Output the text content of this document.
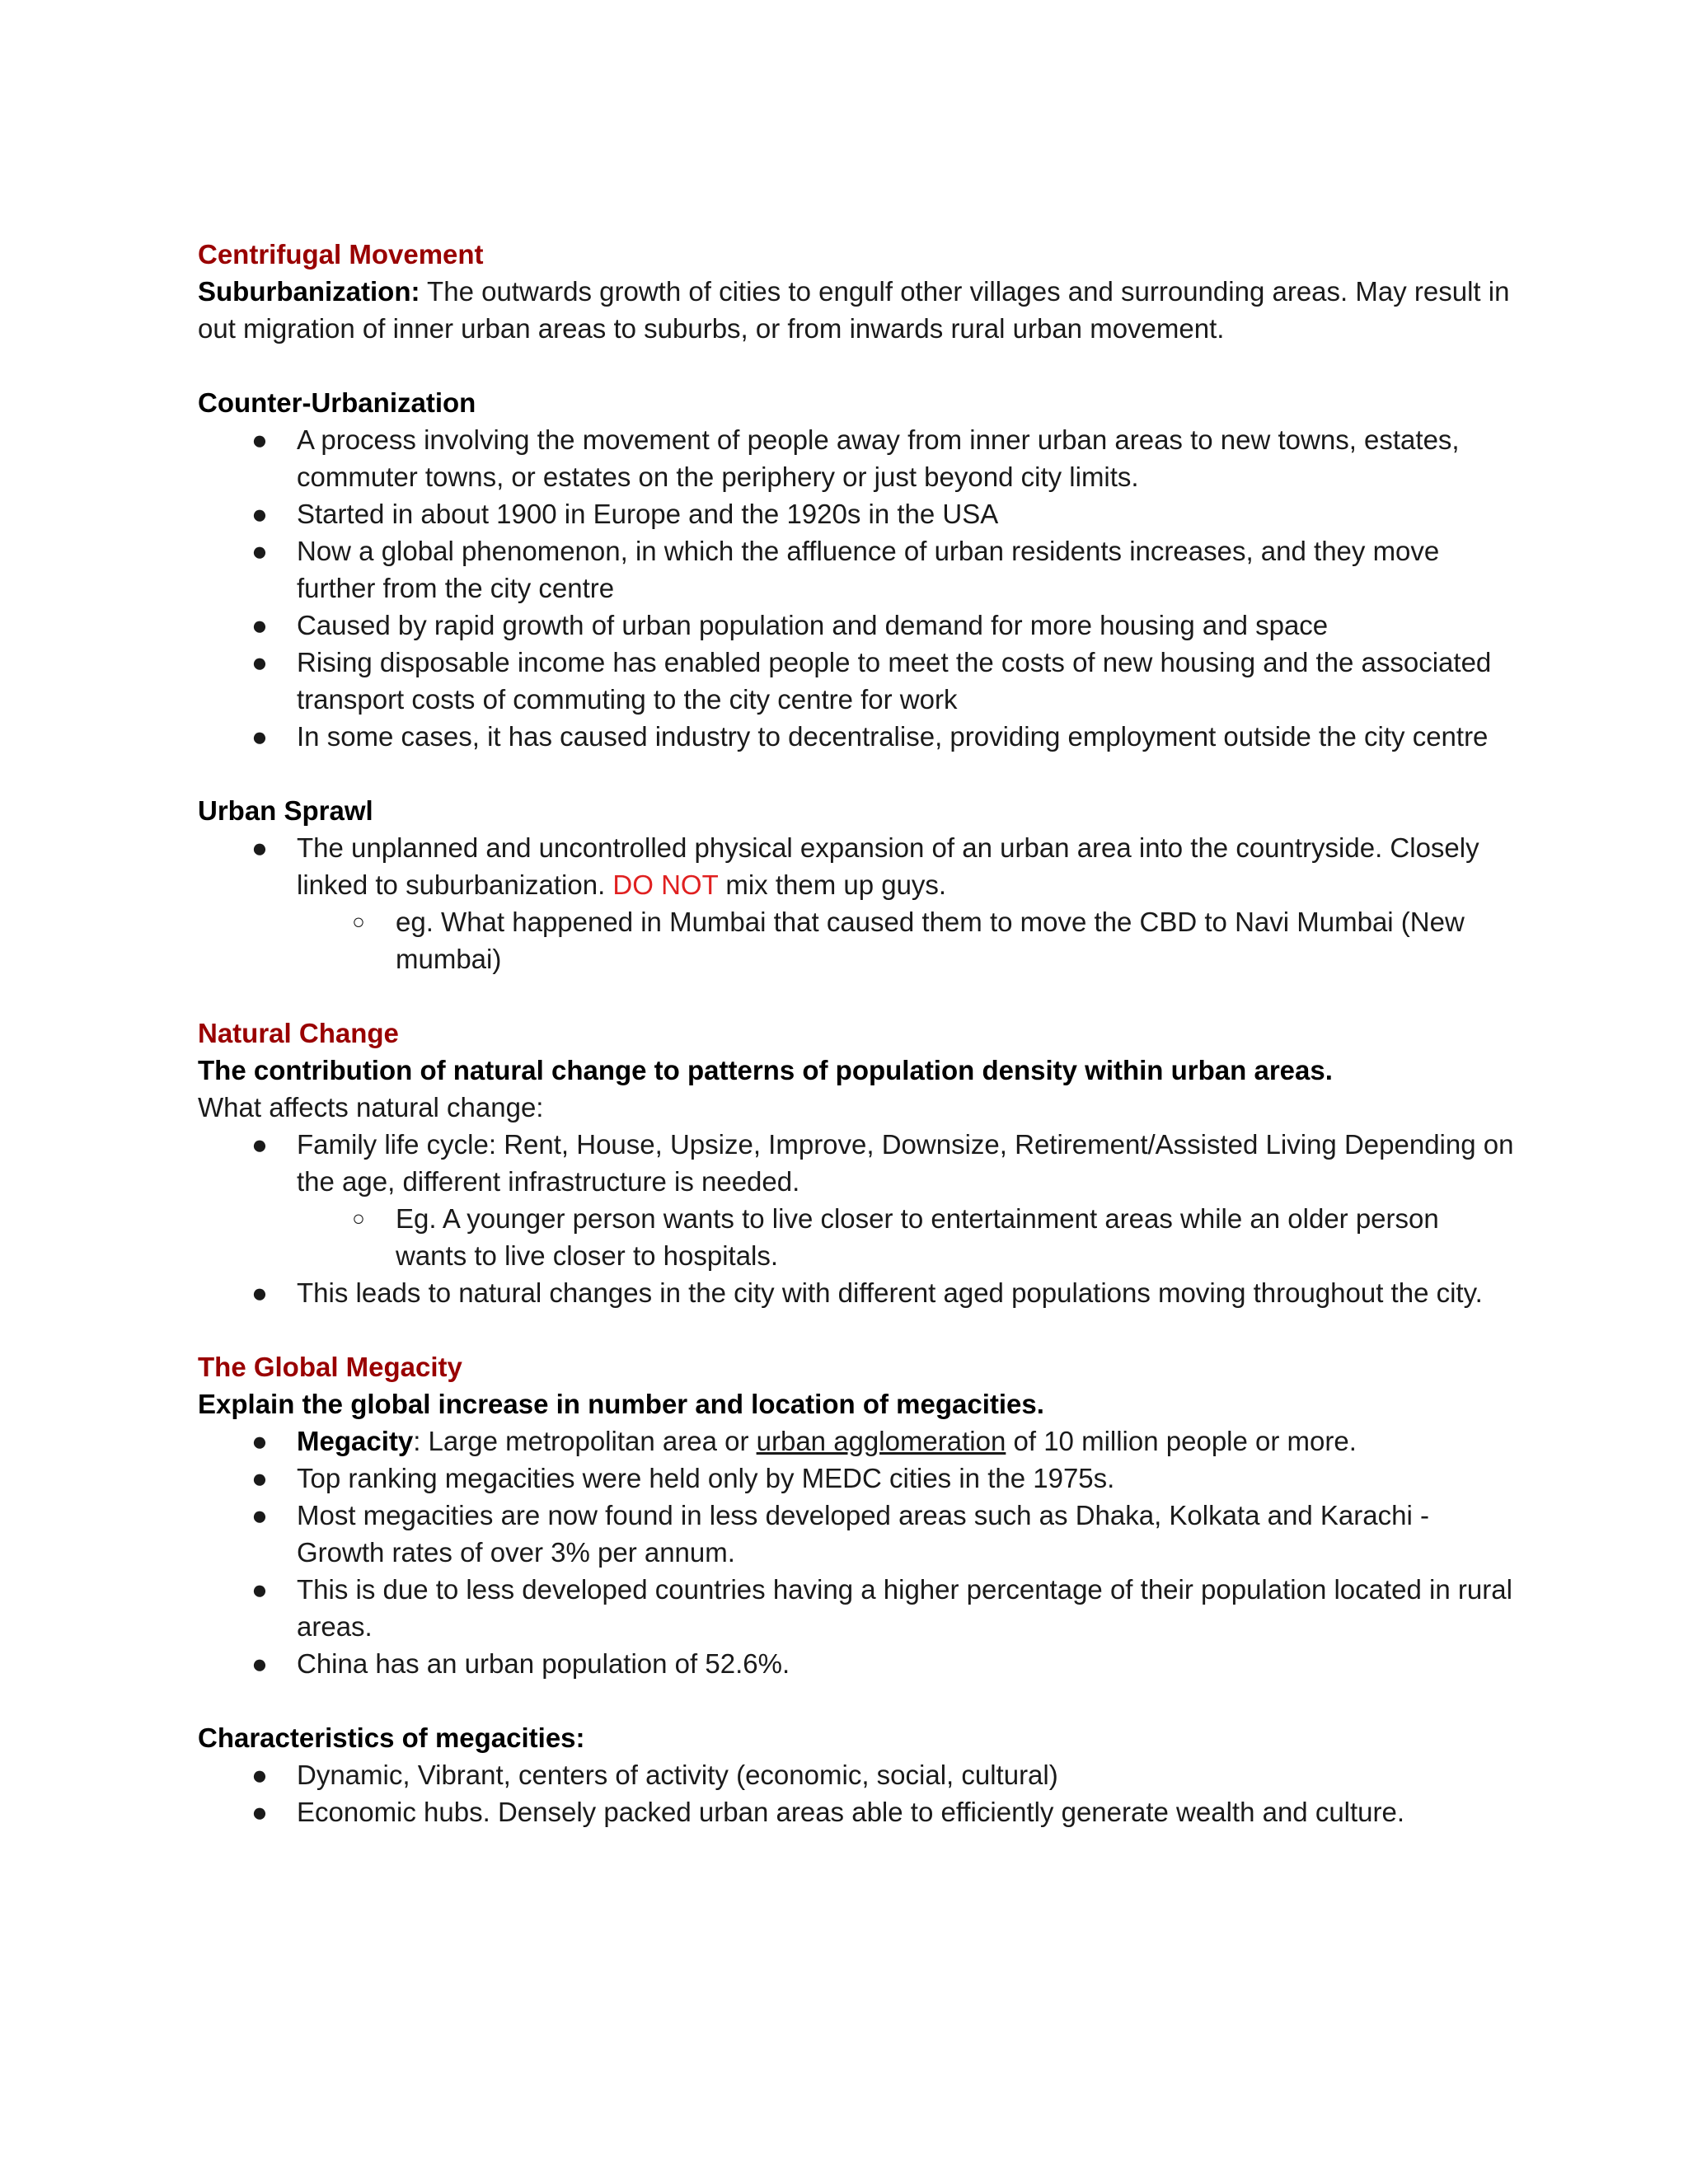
Centrifugal Movement

Suburbanization: The outwards growth of cities to engulf other villages and surrounding areas. May result in out migration of inner urban areas to suburbs, or from inwards rural urban movement.

Counter-Urbanization
● A process involving the movement of people away from inner urban areas to new towns, estates, commuter towns, or estates on the periphery or just beyond city limits.
● Started in about 1900 in Europe and the 1920s in the USA
● Now a global phenomenon, in which the affluence of urban residents increases, and they move further from the city centre
● Caused by rapid growth of urban population and demand for more housing and space
● Rising disposable income has enabled people to meet the costs of new housing and the associated transport costs of commuting to the city centre for work
● In some cases, it has caused industry to decentralise, providing employment outside the city centre
Urban Sprawl
● The unplanned and uncontrolled physical expansion of an urban area into the countryside. Closely linked to suburbanization. DO NOT mix them up guys.
○ eg. What happened in Mumbai that caused them to move the CBD to Navi Mumbai (New mumbai)
Natural Change
The contribution of natural change to patterns of population density within urban areas.

What affects natural change:

● Family life cycle: Rent, House, Upsize, Improve, Downsize, Retirement/Assisted Living Depending on the age, different infrastructure is needed.
○ Eg. A younger person wants to live closer to entertainment areas while an older person wants to live closer to hospitals.
● This leads to natural changes in the city with different aged populations moving throughout the city.
The Global Megacity
Explain the global increase in number and location of megacities.
● Megacity: Large metropolitan area or urban agglomeration of 10 million people or more.
● Top ranking megacities were held only by MEDC cities in the 1975s.
● Most megacities are now found in less developed areas such as Dhaka, Kolkata and Karachi - Growth rates of over 3% per annum.
● This is due to less developed countries having a higher percentage of their population located in rural areas.
● China has an urban population of 52.6%.
Characteristics of megacities:
● Dynamic, Vibrant, centers of activity (economic, social, cultural)
● Economic hubs. Densely packed urban areas able to efficiently generate wealth and culture.
